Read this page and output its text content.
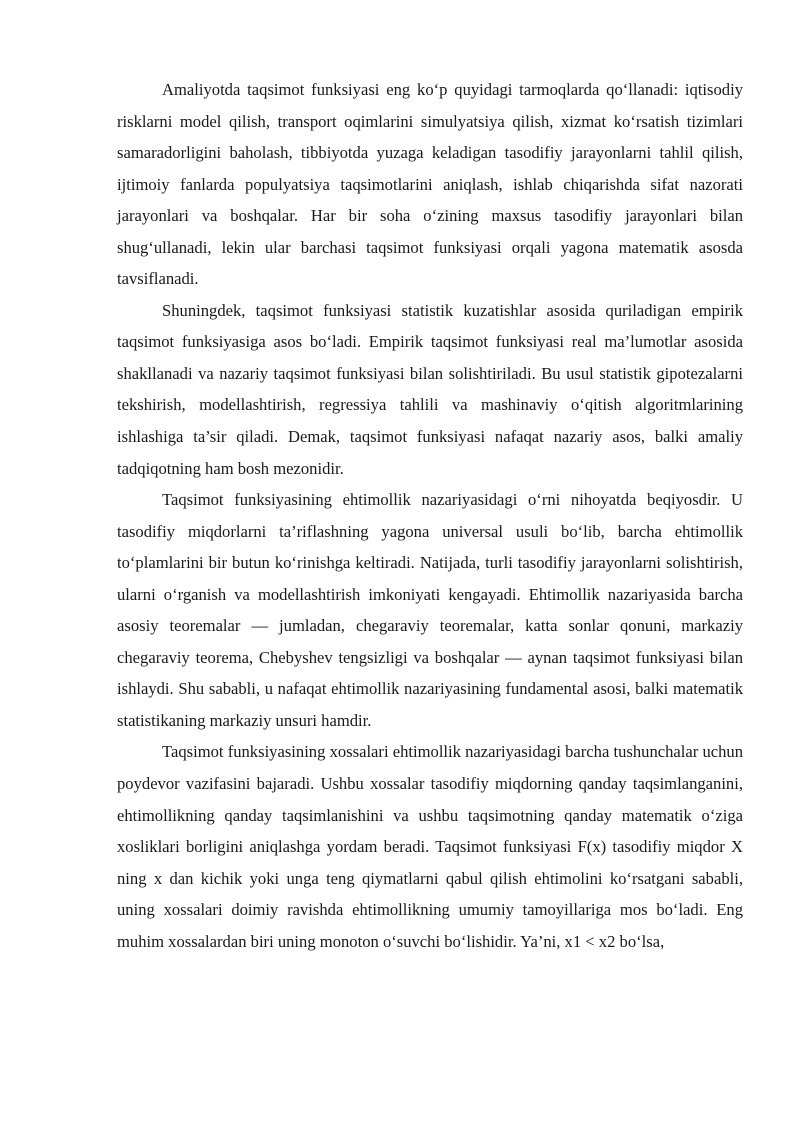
Amaliyotda taqsimot funksiyasi eng ko‘p quyidagi tarmoqlarda qo‘llanadi: iqtisodiy risklarni model qilish, transport oqimlarini simulyatsiya qilish, xizmat ko‘rsatish tizimlari samaradorligini baholash, tibbiyotda yuzaga keladigan tasodifiy jarayonlarni tahlil qilish, ijtimoiy fanlarda populyatsiya taqsimotlarini aniqlash, ishlab chiqarishda sifat nazorati jarayonlari va boshqalar. Har bir soha o‘zining maxsus tasodifiy jarayonlari bilan shug‘ullanadi, lekin ular barchasi taqsimot funksiyasi orqali yagona matematik asosda tavsiflanadi.

Shuningdek, taqsimot funksiyasi statistik kuzatishlar asosida quriladigan empirik taqsimot funksiyasiga asos bo‘ladi. Empirik taqsimot funksiyasi real ma’lumotlar asosida shakllanadi va nazariy taqsimot funksiyasi bilan solishtiriladi. Bu usul statistik gipotezalarni tekshirish, modellashtirish, regressiya tahlili va mashinaviy o‘qitish algoritmlarining ishlashiga ta’sir qiladi. Demak, taqsimot funksiyasi nafaqat nazariy asos, balki amaliy tadqiqotning ham bosh mezonidir.

Taqsimot funksiyasining ehtimollik nazariyasidagi o‘rni nihoyatda beqiyosdir. U tasodifiy miqdorlarni ta’riflashning yagona universal usuli bo‘lib, barcha ehtimollik to‘plamlarini bir butun ko‘rinishga keltiradi. Natijada, turli tasodifiy jarayonlarni solishtirish, ularni o‘rganish va modellashtirish imkoniyati kengayadi. Ehtimollik nazariyasida barcha asosiy teoremalar — jumladan, chegaraviy teoremalar, katta sonlar qonuni, markaziy chegaraviy teorema, Chebyshev tengsizligi va boshqalar — aynan taqsimot funksiyasi bilan ishlaydi. Shu sababli, u nafaqat ehtimollik nazariyasining fundamental asosi, balki matematik statistikaning markaziy unsuri hamdir.

Taqsimot funksiyasining xossalari ehtimollik nazariyasidagi barcha tushunchalar uchun poydevor vazifasini bajaradi. Ushbu xossalar tasodifiy miqdorning qanday taqsimlanganini, ehtimollikning qanday taqsimlanishini va ushbu taqsimotning qanday matematik o‘ziga xosliklari borligini aniqlashga yordam beradi. Taqsimot funksiyasi F(x) tasodifiy miqdor X ning x dan kichik yoki unga teng qiymatlarni qabul qilish ehtimolini ko‘rsatgani sababli, uning xossalari doimiy ravishda ehtimollikning umumiy tamoyillariga mos bo‘ladi. Eng muhim xossalardan biri uning monoton o‘suvchi bo‘lishidir. Ya’ni, x1 < x2 bo‘lsa,
